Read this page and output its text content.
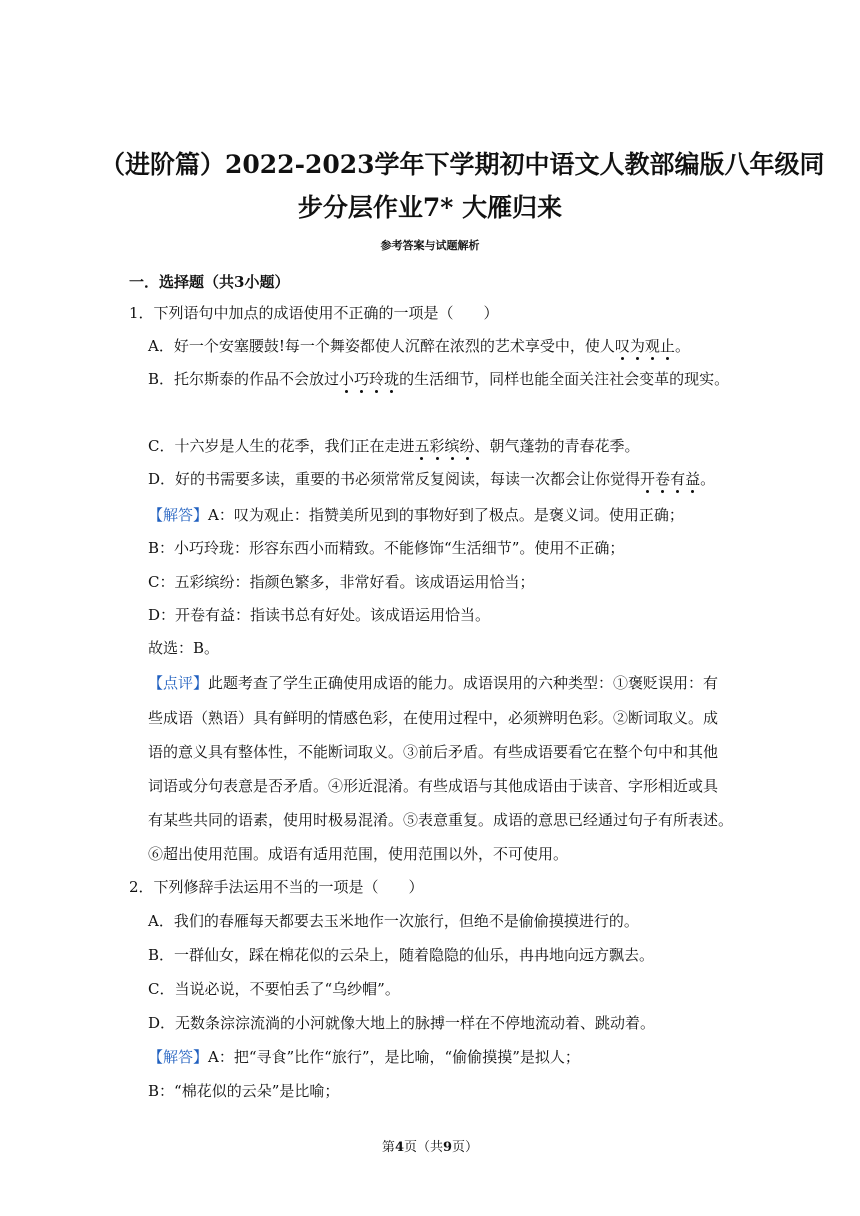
（进阶篇）2022-2023学年下学期初中语文人教部编版八年级同
步分层作业7* 大雁归来
参考答案与试题解析
一．选择题（共3小题）
1．下列语句中加点的成语使用不正确的一项是（　　）
A．好一个安塞腰鼓!每一个舞姿都使人沉醉在浓烈的艺术享受中，使人叹为观止。
B．托尔斯泰的作品不会放过小巧玲珑的生活细节，同样也能全面关注社会变革的现实。
C．十六岁是人生的花季，我们正在走进五彩缤纷、朝气蓬勃的青春花季。
D．好的书需要多读，重要的书必须常常反复阅读，每读一次都会让你觉得开卷有益。
【解答】A：叹为观止：指赞美所见到的事物好到了极点。是褒义词。使用正确；
B：小巧玲珑：形容东西小而精致。不能修饰“生活细节”。使用不正确；
C：五彩缤纷：指颜色繁多，非常好看。该成语运用恰当；
D：开卷有益：指读书总有好处。该成语运用恰当。
故选：B。
【点评】此题考查了学生正确使用成语的能力。成语误用的六种类型：①褒贬误用：有
些成语（熟语）具有鲜明的情感色彩，在使用过程中，必须辨明色彩。②断词取义。成
语的意义具有整体性，不能断词取义。③前后矛盾。有些成语要看它在整个句中和其他
词语或分句表意是否矛盾。④形近混淆。有些成语与其他成语由于读音、字形相近或具
有某些共同的语素，使用时极易混淆。⑤表意重复。成语的意思已经通过句子有所表述。
⑥超出使用范围。成语有适用范围，使用范围以外，不可使用。
2．下列修辞手法运用不当的一项是（　　）
A．我们的春雁每天都要去玉米地作一次旅行，但绝不是偷偷摸摸进行的。
B．一群仙女，踩在棉花似的云朵上，随着隐隐的仙乐，冉冉地向远方飘去。
C．当说必说，不要怕丢了“乌纱帽”。
D．无数条淙淙流淌的小河就像大地上的脉搏一样在不停地流动着、跳动着。
【解答】A：把“寻食”比作“旅行”，是比喻，“偷偷摸摸”是拟人；
B：“棉花似的云朵”是比喻；
第4页（共9页）
